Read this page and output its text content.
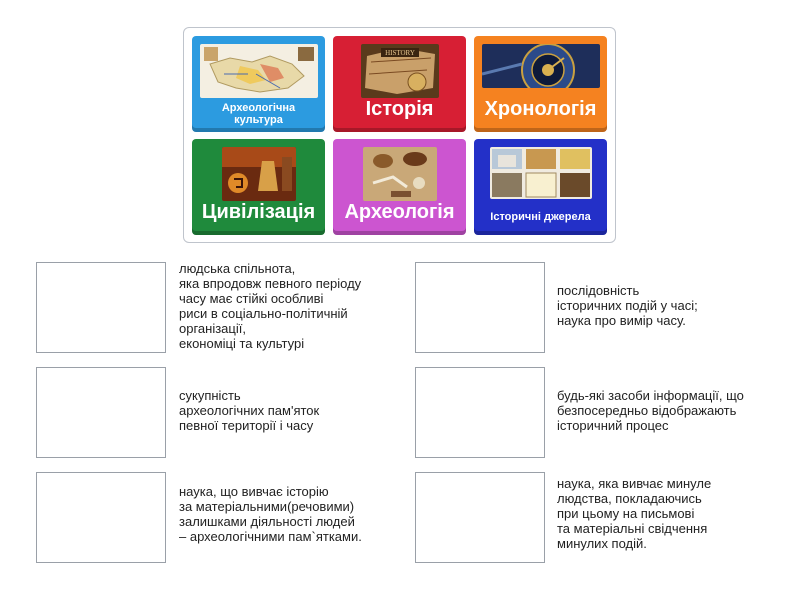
Археологічна культура
HISTORY
Історія	Хронологія
Цивілізація	Археологія	Історичні джерела
людська спільнота,
яка впродовж певного періоду
часу має стійкі особливі
риси в соціально-політичній
організації,
економіці та культурі
послідовність
історичних подій у часі;
наука про вимір часу.
сукупність
археологічних пам'яток
певної території і часу
будь-які засоби інформації, що
безпосередньо відображають
історичний процес
наука, що вивчає історію
за матеріальними(речовими)
залишками діяльності людей
– археологічними пам`ятками.
наука, яка вивчає минуле
людства, покладаючись
при цьому на письмові
та матеріальні свідчення
минулих подій.
